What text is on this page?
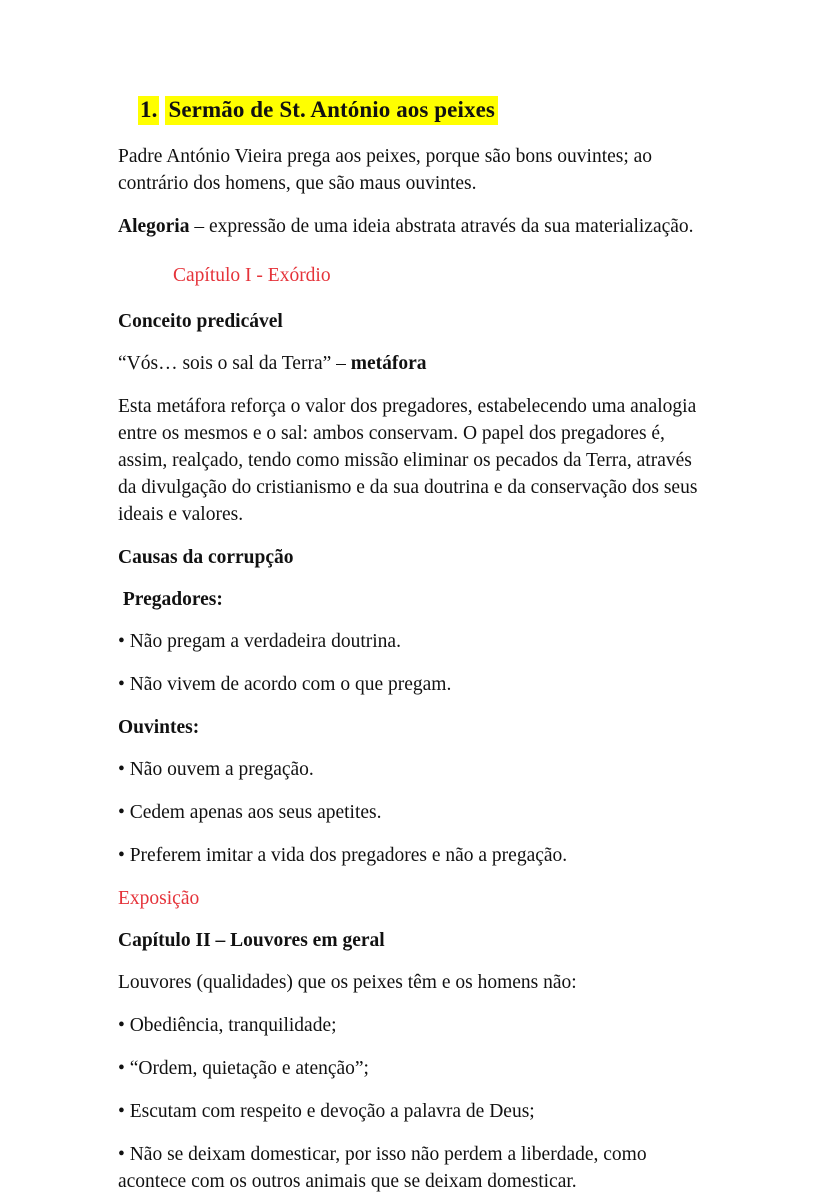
1. Sermão de St. António aos peixes

Padre António Vieira prega aos peixes, porque são bons ouvintes; ao contrário dos homens, que são maus ouvintes.

Alegoria – expressão de uma ideia abstrata através da sua materialização.

Capítulo I - Exórdio

Conceito predicável

“Vós… sois o sal da Terra” – metáfora

Esta metáfora reforça o valor dos pregadores, estabelecendo uma analogia entre os mesmos e o sal: ambos conservam. O papel dos pregadores é, assim, realçado, tendo como missão eliminar os pecados da Terra, através da divulgação do cristianismo e da sua doutrina e da conservação dos seus ideais e valores.

Causas da corrupção

Pregadores:

• Não pregam a verdadeira doutrina.

• Não vivem de acordo com o que pregam.

Ouvintes:

• Não ouvem a pregação.

• Cedem apenas aos seus apetites.

• Preferem imitar a vida dos pregadores e não a pregação.

Exposição

Capítulo II – Louvores em geral

Louvores (qualidades) que os peixes têm e os homens não:

• Obediência, tranquilidade;

• “Ordem, quietação e atenção”;

• Escutam com respeito e devoção a palavra de Deus;

• Não se deixam domesticar, por isso não perdem a liberdade, como acontece com os outros animais que se deixam domesticar.
